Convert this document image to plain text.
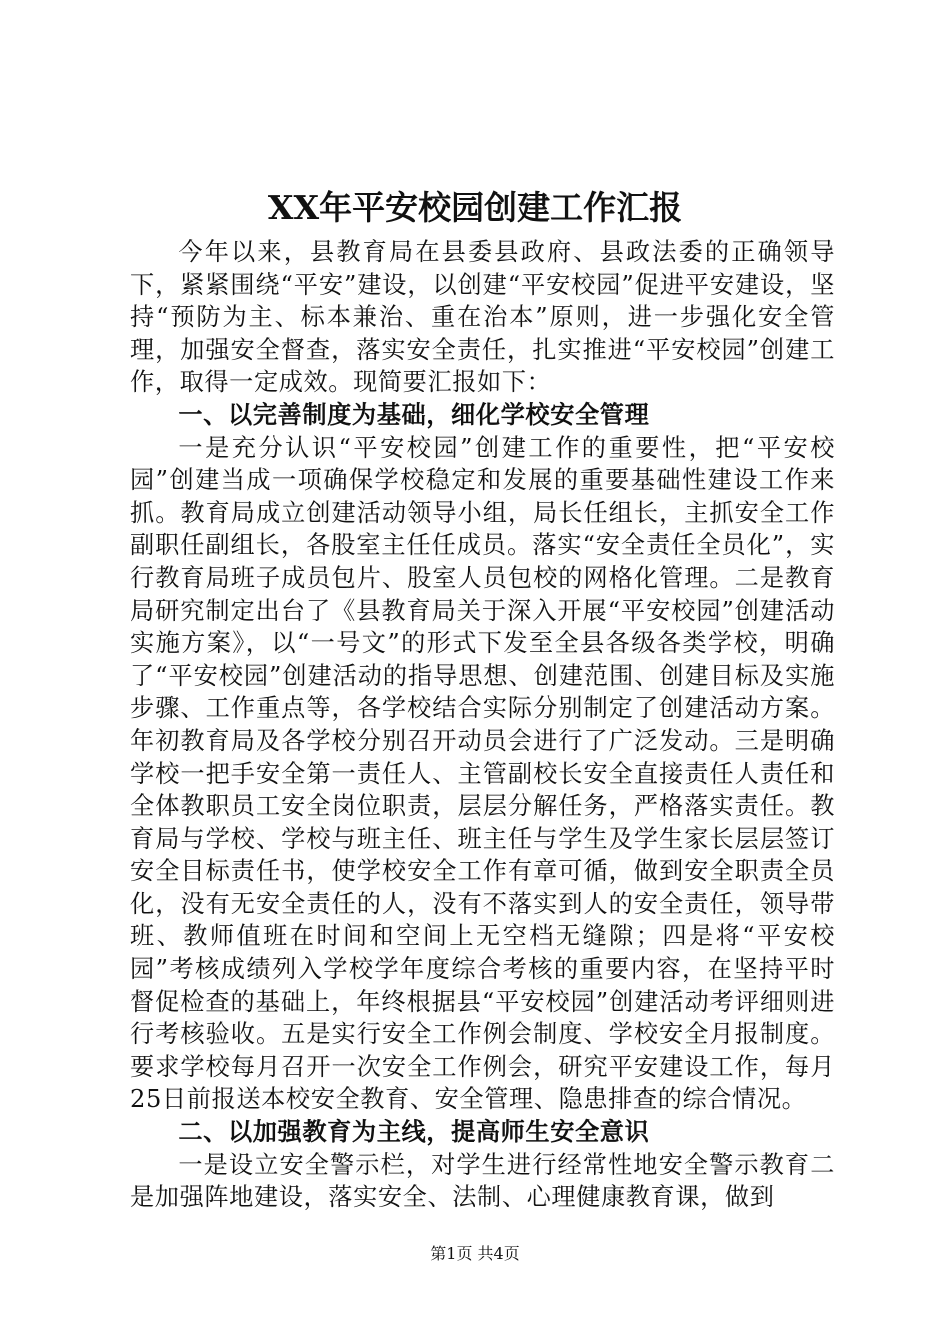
XX年平安校园创建工作汇报

今年以来，县教育局在县委县政府、县政法委的正确领导下，紧紧围绕“平安”建设，以创建“平安校园”促进平安建设，坚持“预防为主、标本兼治、重在治本”原则，进一步强化安全管理，加强安全督查，落实安全责任，扎实推进“平安校园”创建工作，取得一定成效。现简要汇报如下：

一、以完善制度为基础，细化学校安全管理

一是充分认识“平安校园”创建工作的重要性，把“平安校园”创建当成一项确保学校稳定和发展的重要基础性建设工作来抓。教育局成立创建活动领导小组，局长任组长，主抓安全工作副职任副组长，各股室主任任成员。落实“安全责任全员化”，实行教育局班子成员包片、股室人员包校的网格化管理。二是教育局研究制定出台了《县教育局关于深入开展“平安校园”创建活动实施方案》，以“一号文”的形式下发至全县各级各类学校，明确了“平安校园”创建活动的指导思想、创建范围、创建目标及实施步骤、工作重点等，各学校结合实际分别制定了创建活动方案。年初教育局及各学校分别召开动员会进行了广泛发动。三是明确学校一把手安全第一责任人、主管副校长安全直接责任人责任和全体教职员工安全岗位职责，层层分解任务，严格落实责任。教育局与学校、学校与班主任、班主任与学生及学生家长层层签订安全目标责任书，使学校安全工作有章可循，做到安全职责全员化，没有无安全责任的人，没有不落实到人的安全责任，领导带班、教师值班在时间和空间上无空档无缝隙；四是将“平安校园”考核成绩列入学校学年度综合考核的重要内容，在坚持平时督促检查的基础上，年终根据县“平安校园”创建活动考评细则进行考核验收。五是实行安全工作例会制度、学校安全月报制度。要求学校每月召开一次安全工作例会，研究平安建设工作，每月25日前报送本校安全教育、安全管理、隐患排查的综合情况。

二、以加强教育为主线，提高师生安全意识

一是设立安全警示栏，对学生进行经常性地安全警示教育二是加强阵地建设，落实安全、法制、心理健康教育课，做到

第1页 共4页
